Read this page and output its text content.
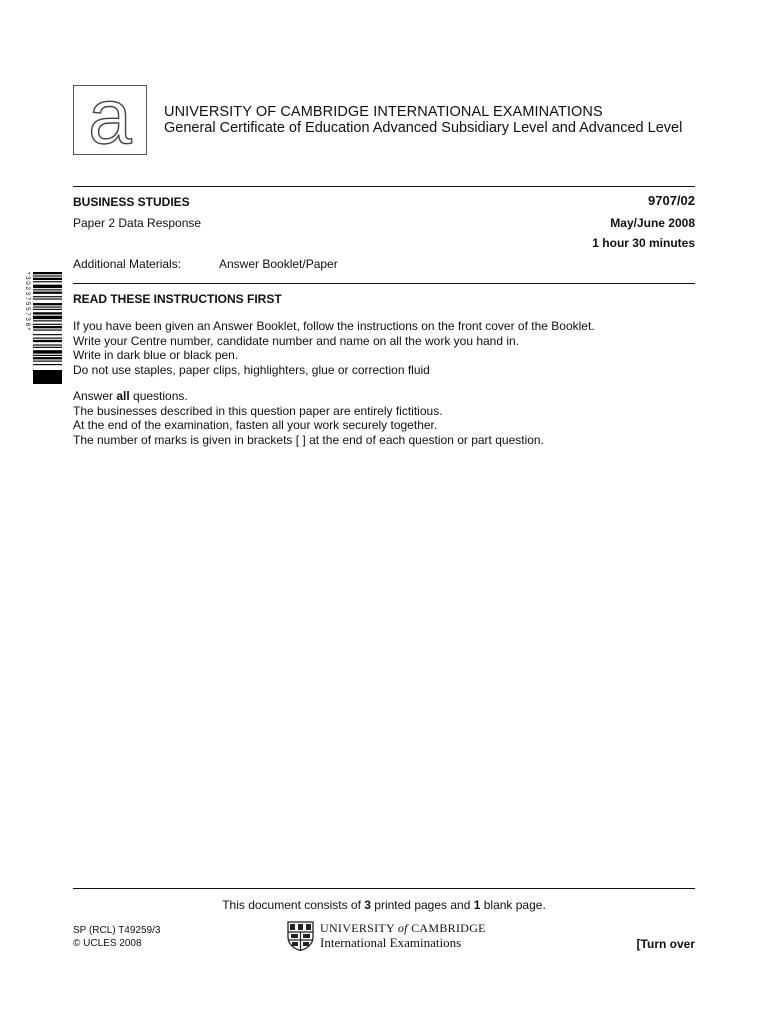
a UNIVERSITY OF CAMBRIDGE INTERNATIONAL EXAMINATIONS
General Certificate of Education Advanced Subsidiary Level and Advanced Level
BUSINESS STUDIES	9707/02
Paper 2 Data Response	May/June 2008
1 hour 30 minutes
Additional Materials:	Answer Booklet/Paper
* 3 0 2 3 7 5 5 7 3 8 *	READ THESE INSTRUCTIONS FIRST
If you have been given an Answer Booklet, follow the instructions on the front cover of the Booklet.
Write your Centre number, candidate number and name on all the work you hand in.
Write in dark blue or black pen.
Do not use staples, paper clips, highlighters, glue or correction fluid
Answer all questions.
The businesses described in this question paper are entirely fictitious.
At the end of the examination, fasten all your work securely together.
The number of marks is given in brackets [ ] at the end of each question or part question.
This document consists of 3 printed pages and 1 blank page.
SP (RCL) T49259/3
© UCLES 2008
UNIVERSITY of CAMBRIDGE
International Examinations	[Turn over
